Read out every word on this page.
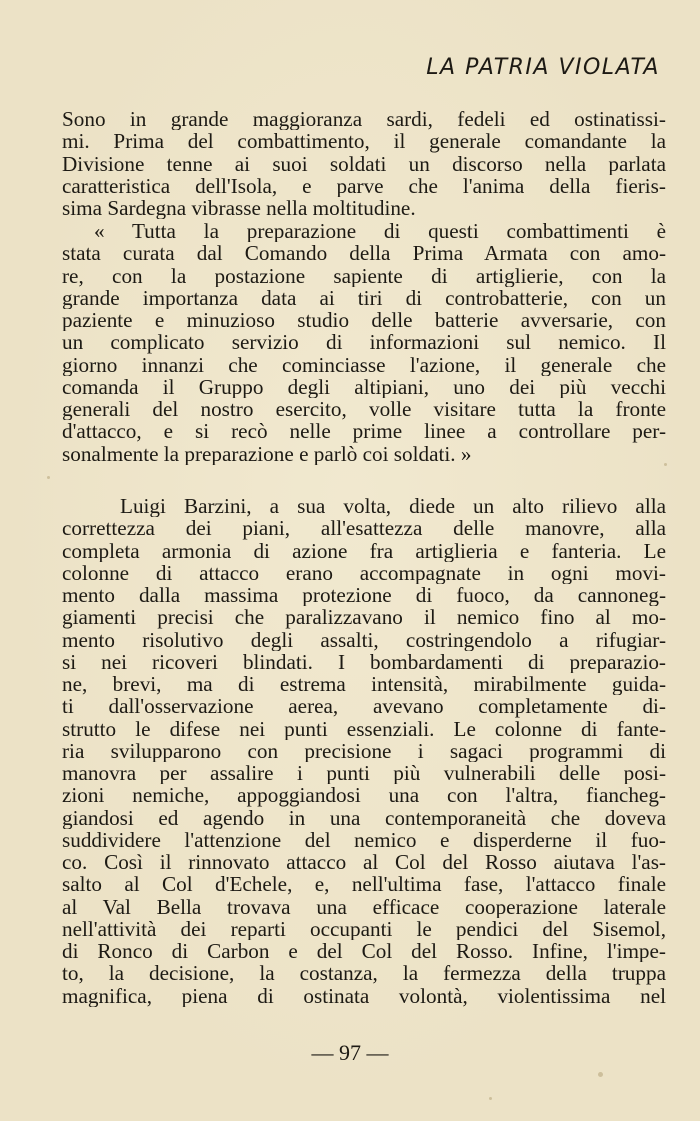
LA PATRIA VIOLATA
Sono in grande maggioranza sardi, fedeli ed ostinatissi-
mi. Prima del combattimento, il generale comandante la
Divisione tenne ai suoi soldati un discorso nella parlata
caratteristica dell'Isola, e parve che l'anima della fieris-
sima Sardegna vibrasse nella moltitudine.
« Tutta la preparazione di questi combattimenti è
stata curata dal Comando della Prima Armata con amo-
re, con la postazione sapiente di artiglierie, con la
grande importanza data ai tiri di controbatterie, con un
paziente e minuzioso studio delle batterie avversarie, con
un complicato servizio di informazioni sul nemico. Il
giorno innanzi che cominciasse l'azione, il generale che
comanda il Gruppo degli altipiani, uno dei più vecchi
generali del nostro esercito, volle visitare tutta la fronte
d'attacco, e si recò nelle prime linee a controllare per-
sonalmente la preparazione e parlò coi soldati. »
Luigi Barzini, a sua volta, diede un alto rilievo alla
correttezza dei piani, all'esattezza delle manovre, alla
completa armonia di azione fra artiglieria e fanteria. Le
colonne di attacco erano accompagnate in ogni movi-
mento dalla massima protezione di fuoco, da cannoneg-
giamenti precisi che paralizzavano il nemico fino al mo-
mento risolutivo degli assalti, costringendolo a rifugiar-
si nei ricoveri blindati. I bombardamenti di preparazio-
ne, brevi, ma di estrema intensità, mirabilmente guida-
ti dall'osservazione aerea, avevano completamente di-
strutto le difese nei punti essenziali. Le colonne di fante-
ria svilupparono con precisione i sagaci programmi di
manovra per assalire i punti più vulnerabili delle posi-
zioni nemiche, appoggiandosi una con l'altra, fiancheg-
giandosi ed agendo in una contemporaneità che doveva
suddividere l'attenzione del nemico e disperderne il fuo-
co. Così il rinnovato attacco al Col del Rosso aiutava l'as-
salto al Col d'Echele, e, nell'ultima fase, l'attacco finale
al Val Bella trovava una efficace cooperazione laterale
nell'attività dei reparti occupanti le pendici del Sisemol,
di Ronco di Carbon e del Col del Rosso. Infine, l'impe-
to, la decisione, la costanza, la fermezza della truppa
magnifica, piena di ostinata volontà, violentissima nel
— 97 —
